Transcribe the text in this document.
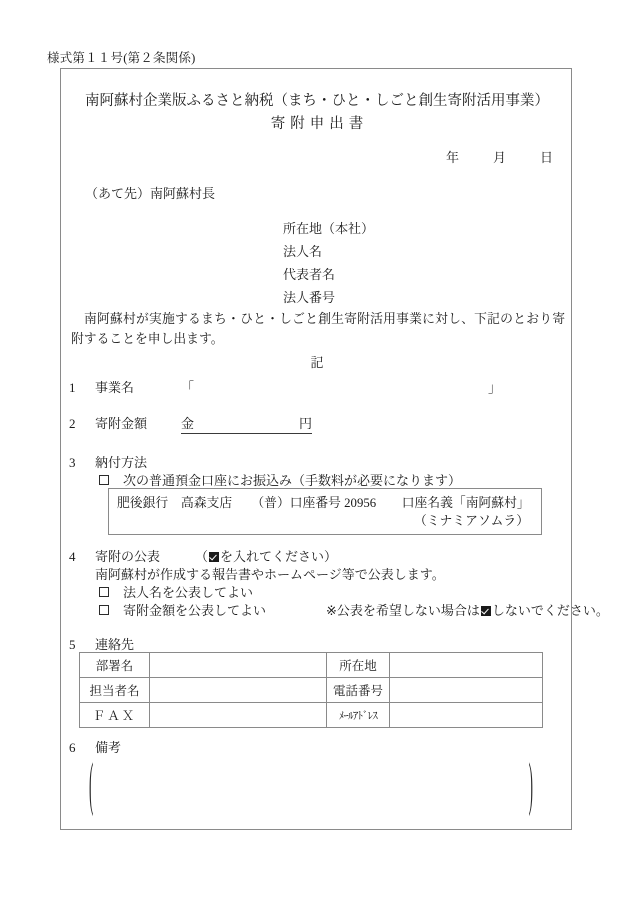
様式第１１号(第２条関係)
南阿蘇村企業版ふるさと納税（まち・ひと・しごと創生寄附活用事業）
寄附申出書
年	月	日
（あて先）南阿蘇村長
所在地（本社）
法人名
代表者名
法人番号
南阿蘇村が実施するまち・ひと・しごと創生寄附活用事業に対し、下記のとおり寄附することを申し出ます。
記
1 事業名	「	」
2 寄附金額	金	円
3 納付方法
次の普通預金口座にお振込み（手数料が必要になります）
肥後銀行　高森支店　　（普）口座番号 20956　　口座名義「南阿蘇村」
（ミナミアソムラ）
4 寄附の公表	（ を入れてください）
南阿蘇村が作成する報告書やホームページ等で公表します。
法人名を公表してよい
寄附金額を公表してよい	※公表を希望しない場合は しないでください。
5 連絡先
部署名		所在地	
担当者名		電話番号	
ＦＡＸ		ﾒｰﾙｱﾄﾞﾚｽ	
6 備考
(	)
